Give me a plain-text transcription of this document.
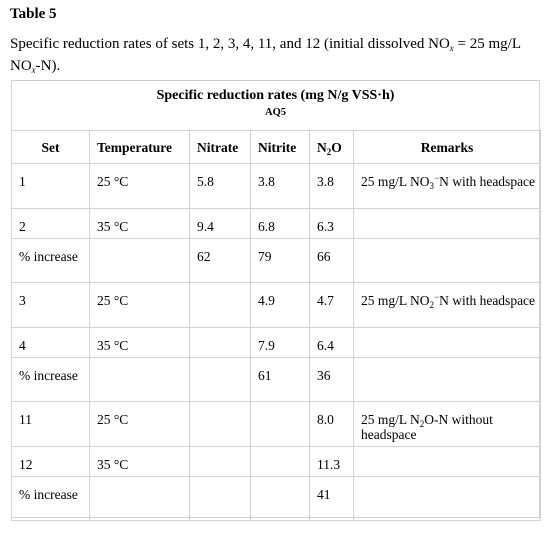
Table 5
Specific reduction rates of sets 1, 2, 3, 4, 11, and 12 (initial dissolved $NO_x = 25$ mg/L $NO_x-N$).
Specific reduction rates (mg N/g VSS·h)
AQ5
Set	Temperature	Nitrate	Nitrite	$N_2O$	Remarks
1	25 °C	5.8	3.8	3.8	25 mg/L $NO_3^-N$ with headspace
2	35 °C	9.4	6.8	6.3	
% increase		62	79	66	
3	25 °C		4.9	4.7	25 mg/L $NO_2^-N$ with headspace
4	35 °C		7.9	6.4	
% increase			61	36	
11	25 °C			8.0	25 mg/L $N_2O-N$ without headspace
12	35 °C			11.3	
% increase				41	
